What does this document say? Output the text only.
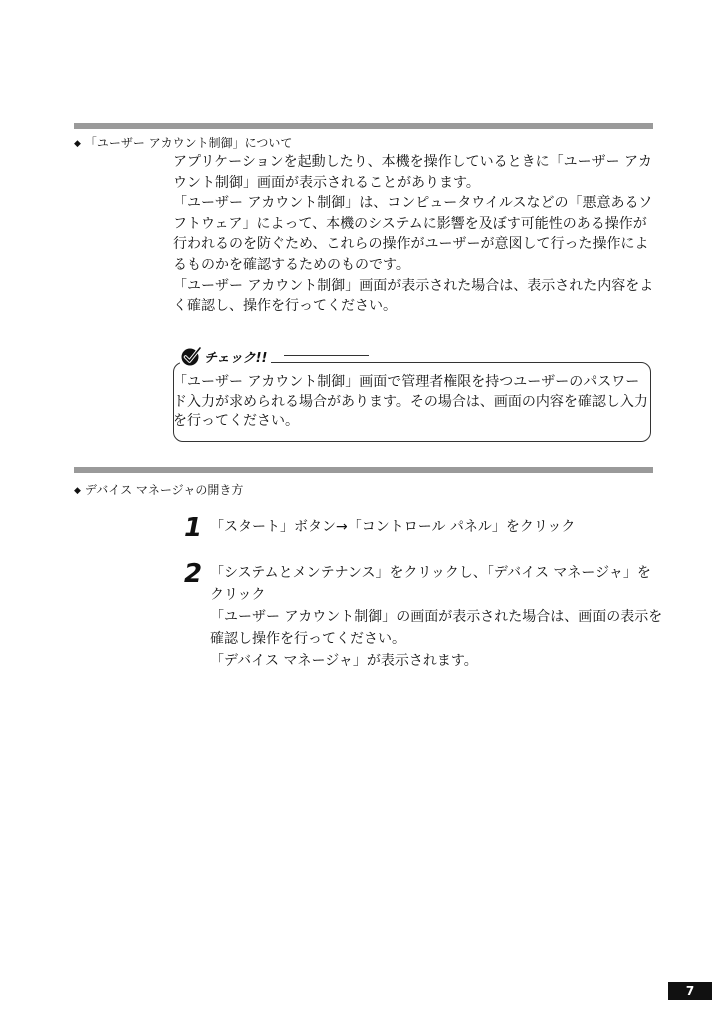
◆ 「ユーザー アカウント制御」について

アプリケーションを起動したり、本機を操作しているときに「ユーザー アカウント制御」画面が表示されることがあります。

「ユーザー アカウント制御」は、コンピュータウイルスなどの「悪意あるソフトウェア」によって、本機のシステムに影響を及ぼす可能性のある操作が行われるのを防ぐため、これらの操作がユーザーが意図して行った操作によるものかを確認するためのものです。

「ユーザー アカウント制御」画面が表示された場合は、表示された内容をよく確認し、操作を行ってください。

チェック!!
「ユーザー アカウント制御」画面で管理者権限を持つユーザーのパスワード入力が求められる場合があります。その場合は、画面の内容を確認し入力を行ってください。
◆ デバイス マネージャの開き方
1 「スタート」ボタン→「コントロール パネル」をクリック

2 「システムとメンテナンス」をクリックし、「デバイス マネージャ」をクリック

「ユーザー アカウント制御」の画面が表示された場合は、画面の表示を確認し操作を行ってください。

「デバイス マネージャ」が表示されます。

7
